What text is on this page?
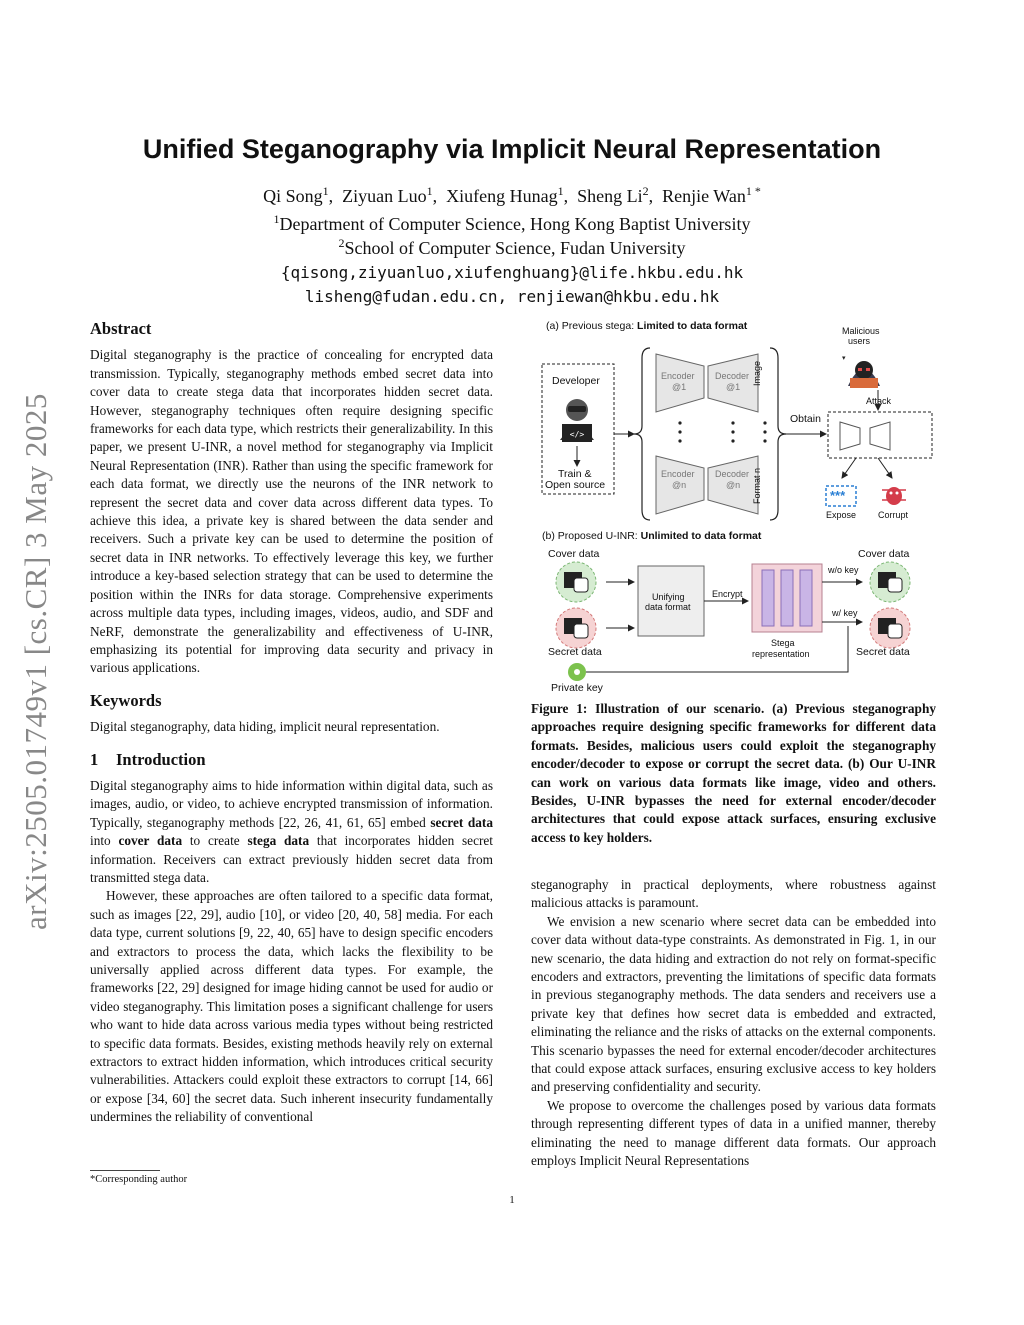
arXiv:2505.01749v1 [cs.CR] 3 May 2025
Unified Steganography via Implicit Neural Representation
Qi Song$^1$,  Ziyuan Luo$^1$,  Xiufeng Hunag$^1$,  Sheng Li$^2$,  Renjie Wan$^{1 *}$
$^1$Department of Computer Science, Hong Kong Baptist University
$^2$School of Computer Science, Fudan University
{qisong,ziyuanluo,xiufenghuang}@life.hkbu.edu.hk
lisheng@fudan.edu.cn, renjiewan@hkbu.edu.hk
Abstract

Digital steganography is the practice of concealing for encrypted data transmission. Typically, steganography methods embed secret data into cover data to create stega data that incorporates hidden secret data. However, steganography techniques often require designing specific frameworks for each data type, which restricts their generalizability. In this paper, we present U-INR, a novel method for steganography via Implicit Neural Representation (INR). Rather than using the specific framework for each data format, we directly use the neurons of the INR network to represent the secret data and cover data across different data types. To achieve this idea, a private key is shared between the data sender and receivers. Such a private key can be used to determine the position of secret data in INR networks. To effectively leverage this key, we further introduce a key-based selection strategy that can be used to determine the position within the INRs for data storage. Comprehensive experiments across multiple data types, including images, videos, audio, and SDF and NeRF, demonstrate the generalizability and effectiveness of U-INR, emphasizing its potential for improving data security and privacy in various applications.

Keywords

Digital steganography, data hiding, implicit neural representation.

1 Introduction

Digital steganography aims to hide information within digital data, such as images, audio, or video, to achieve encrypted transmission of information. Typically, steganography methods [22, 26, 41, 61, 65] embed secret data into cover data to create stega data that incorporates hidden secret information. Receivers can extract previously hidden secret data from transmitted stega data.

However, these approaches are often tailored to a specific data format, such as images [22, 29], audio [10], or video [20, 40, 58] media. For each data type, current solutions [9, 22, 40, 65] have to design specific encoders and extractors to process the data, which lacks the flexibility to be universally applied across different data types. For example, the frameworks [22, 29] designed for image hiding cannot be used for audio or video steganography. This limitation poses a significant challenge for users who want to hide data across various media types without being restricted to specific data formats. Besides, existing methods heavily rely on external extractors to extract hidden information, which introduces critical security vulnerabilities. Attackers could exploit these extractors to corrupt [14, 66] or expose [34, 60] the secret data. Such inherent insecurity fundamentally undermines the reliability of conventional

</>
▾
(a) Previous stega: Limited to data format
Developer
Train &
Open source
Encoder
@1
Decoder
@1
Encoder
@n
Decoder
@n
Image
Format n
Obtain
Malicious
users
Attack
***
Expose Corrupt
(b) Proposed U-INR: Unlimited to data format
Cover data
Secret data
Private key
Unifying
data format
Encrypt
Stega
representation
w/o key
w/ key
Cover data
Secret data
Figure 1: Illustration of our scenario. (a) Previous steganography approaches require designing specific frameworks for different data formats. Besides, malicious users could exploit the steganography encoder/decoder to expose or corrupt the secret data. (b) Our U-INR can work on various data formats like image, video and others. Besides, U-INR bypasses the need for external encoder/decoder architectures that could expose attack surfaces, ensuring exclusive access to key holders.

steganography in practical deployments, where robustness against malicious attacks is paramount.

We envision a new scenario where secret data can be embedded into cover data without data-type constraints. As demonstrated in Fig. 1, in our new scenario, the data hiding and extraction do not rely on format-specific encoders and extractors, preventing the limitations of specific data formats in previous steganography methods. The data senders and receivers use a private key that defines how secret data is embedded and extracted, eliminating the reliance and the risks of attacks on the external components. This scenario bypasses the need for external encoder/decoder architectures that could expose attack surfaces, ensuring exclusive access to key holders and preserving confidentiality and security.

We propose to overcome the challenges posed by various data formats through representing different types of data in a unified manner, thereby eliminating the need to manage different data formats. Our approach employs Implicit Neural Representations

*Corresponding author
1
